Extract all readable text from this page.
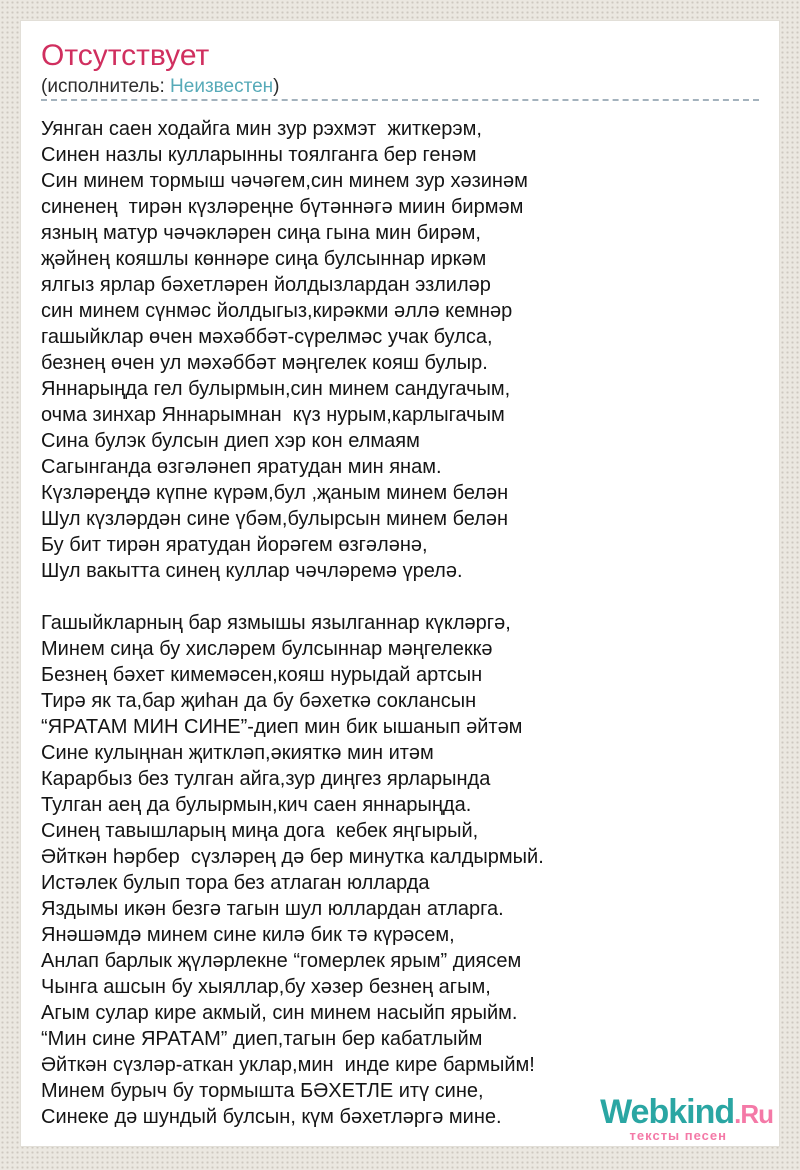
Отсутствует
(исполнитель: Неизвестен)
Уянган саен ходайга мин зур рэхмэт  житкерэм,
Синен назлы кулларынны тоялганга бер генәм
Син минем тормыш чәчәгем,син минем зур хәзинәм
синенең  тирән күзләреңне бүтәннәгә миин бирмәм
язның матур чәчәкләрен сиңа гына мин бирәм,
җәйнең кояшлы көннәре сиңа булсыннар иркәм
ялгыз ярлар бәхетләрен йолдызлардан эзлиләр
син минем сүнмәс йолдыгыз,кирәкми әллә кемнәр
гашыйклар өчен мәхәббәт-сүрелмәс учак булса,
безнең өчен ул мәхәббәт мәңгелек кояш булыр.
Яннарыңда гел булырмын,син минем сандугачым,
очма зинхар Яннарымнан  күз нурым,карлыгачым
Сина булэк булсын диеп хэр кон елмаям
Сагынганда өзгәләнеп яратудан мин янам.
Күзләреңдә күпне күрәм,бул ,җаным минем белән
Шул күзләрдән сине үбәм,булырсын минем белән
Бу бит тирән яратудан йорәгем өзгәләнә,
Шул вакытта синең куллар чәчләремә үрелә.
Гашыйкларның бар язмышы язылганнар күкләргә,
Минем сиңа бу хисләрем булсыннар мәңгелеккә
Безнең бәхет кимемәсен,кояш нурыдай артсын
Тирә як та,бар җиһан да бу бәхеткә соклансын
“ЯРАТАМ МИН СИНЕ”-диеп мин бик ышанып әйтәм
Сине кулыңнан җиткләп,әкияткә мин итәм
Карарбыз без тулган айга,зур диңгез ярларында
Тулган аең да булырмын,кич саен яннарыңда.
Синең тавышларың миңа дога  кебек яңгырый,
Әйткән һәрбер  сүзләрең дә бер минутка калдырмый.
Истәлек булып тора без атлаган юлларда
Яздымы икән безгә тагын шул юллардан атларга.
Янәшәмдә минем сине килә бик тә күрәсем,
Анлап барлык җүләрлекне “гомерлек ярым” диясем
Чынга ашсын бу хыяллар,бу хәзер безнең агым,
Агым сулар кире акмый, син минем насыйп ярыйм.
“Мин сине ЯРАТАМ” диеп,тагын бер кабатлыйм
Әйткән сүзләр-аткан уклар,мин  инде кире бармыйм!
Минем бурыч бу тормышта БӘХЕТЛЕ итү сине,
Синеке дә шундый булсын, күм бәхетләргә мине.	Webkind.Ru
тексты песен
